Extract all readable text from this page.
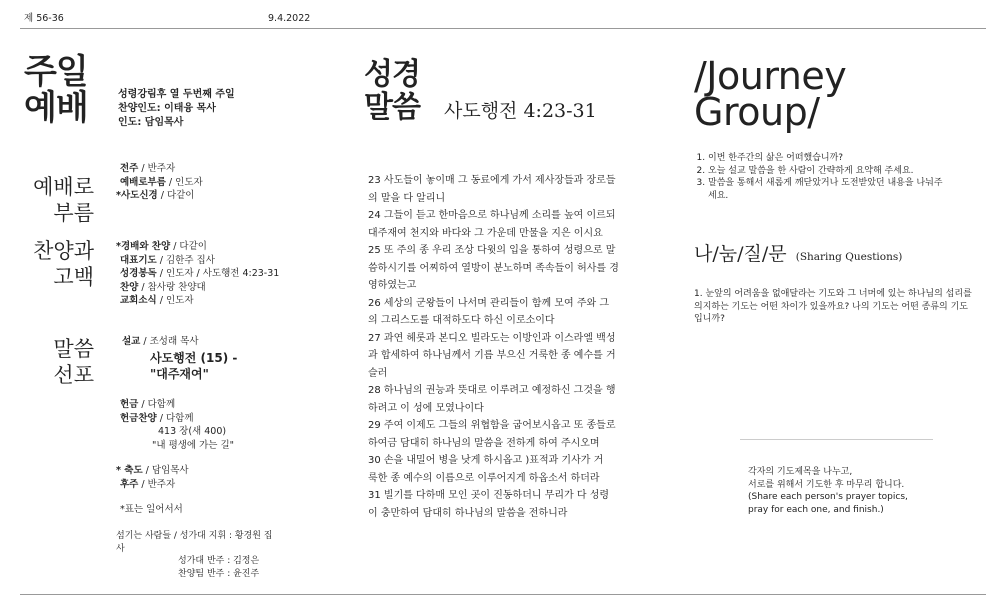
제 56-36	9.4.2022
주일
예배	성령강림후 열 두번째 주일
찬양인도: 이태융 목사
인도: 담임목사
예배로
부름
전주 / 반주자
예배로부름 / 인도자
*사도신경 / 다같이
찬양과
고백
*경배와 찬양 / 다같이
대표기도 / 김한주 집사
성경봉독 / 인도자 / 사도행전 4:23-31
찬양 / 참사랑 찬양대
교회소식 / 인도자
말씀
선포
설교 / 조성래 목사
사도행전 (15) -
"대주재여"
헌금 / 다함께
헌금찬양 / 다함께
413 장(새 400)
"내 평생에 가는 길"
* 축도 / 담임목사
후주 / 반주자
*표는 일어서서
섬기는 사람들 / 성가대 지휘 : 황경원 집사
성가대 반주 : 김정은
찬양팀 반주 : 윤진주
성경
말씀 사도행전 4:23-31
23 사도들이 놓이매 그 동료에게 가서 제사장들과 장로들
의 말을 다 알리니
24 그들이 듣고 한마음으로 하나님께 소리를 높여 이르되
대주재여 천지와 바다와 그 가운데 만물을 지은 이시요
25 또 주의 종 우리 조상 다윗의 입을 통하여 성령으로 말
씀하시기를 어찌하여 열방이 분노하며 족속들이 허사를 경
영하였는고
26 세상의 군왕들이 나서며 관리들이 함께 모여 주와 그
의 그리스도를 대적하도다 하신 이로소이다
27 과연 헤롯과 본디오 빌라도는 이방인과 이스라엘 백성
과 합세하여 하나님께서 기름 부으신 거룩한 종 예수를 거
슬러
28 하나님의 권능과 뜻대로 이루려고 예정하신 그것을 행
하려고 이 성에 모였나이다
29 주여 이제도 그들의 위협함을 굽어보시옵고 또 종들로
하여금 담대히 하나님의 말씀을 전하게 하여 주시오며
30 손을 내밀어 병을 낫게 하시옵고 )표적과 기사가 거
룩한 종 예수의 이름으로 이루어지게 하옵소서 하더라
31 빌기를 다하매 모인 곳이 진동하더니 무리가 다 성령
이 충만하여 담대히 하나님의 말씀을 전하니라
/Journey
Group/
1. 이번 한주간의 삶은 어떠했습니까?
2. 오늘 설교 말씀을 한 사람이 간략하게 요약해 주세요.
3. 말씀을 통해서 새롭게 깨닫았거나 도전받았던 내용을 나눠주세요.
나/눔/질/문 (Sharing Questions)
1. 눈앞의 어려움을 없애달라는 기도와 그 너머에 있는 하나님의 섭리를 의지하는 기도는 어떤 차이가 있을까요? 나의 기도는 어떤 종류의 기도입니까?
각자의 기도제목을 나누고,
서로를 위해서 기도한 후 마무리 합니다.
(Share each person's prayer topics,
pray for each one, and finish.)
